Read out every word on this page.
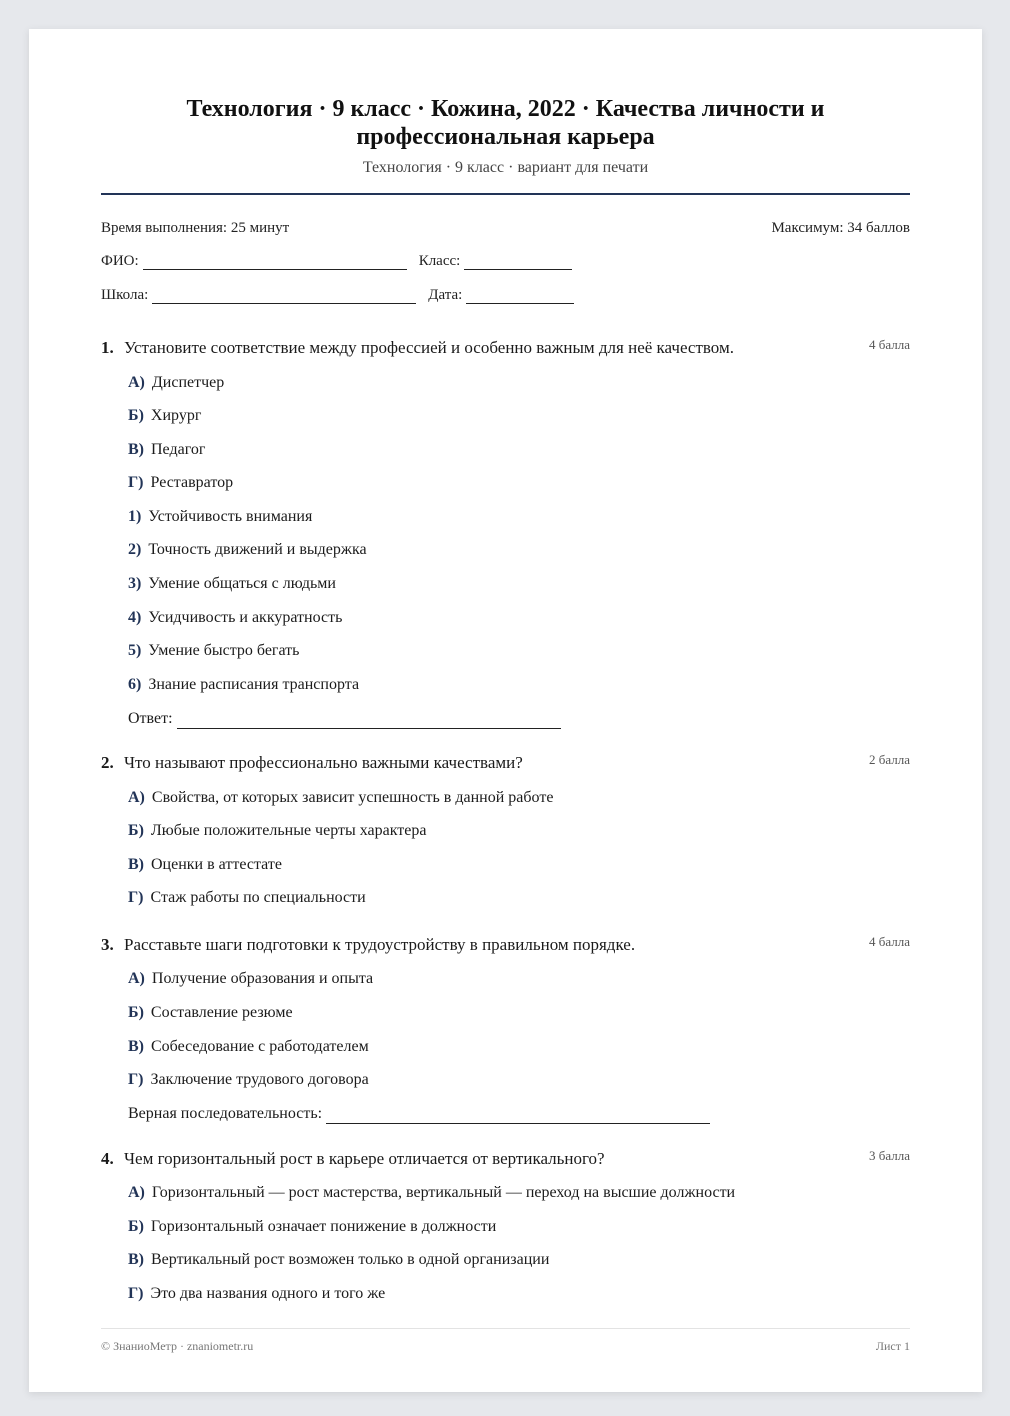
Технология · 9 класс · Кожина, 2022 · Качества личности и профессиональная карьера
Технология · 9 класс · вариант для печати
Время выполнения: 25 минут	Максимум: 34 баллов
ФИО:	Класс:
Школа:	Дата:
1. Установите соответствие между профессией и особенно важным для неё качеством.	4 балла
А) Диспетчер
Б) Хирург
В) Педагог
Г) Реставратор
1) Устойчивость внимания
2) Точность движений и выдержка
3) Умение общаться с людьми
4) Усидчивость и аккуратность
5) Умение быстро бегать
6) Знание расписания транспорта
Ответ:
2. Что называют профессионально важными качествами?	2 балла
А) Свойства, от которых зависит успешность в данной работе
Б) Любые положительные черты характера
В) Оценки в аттестате
Г) Стаж работы по специальности
3. Расставьте шаги подготовки к трудоустройству в правильном порядке.	4 балла
А) Получение образования и опыта
Б) Составление резюме
В) Собеседование с работодателем
Г) Заключение трудового договора
Верная последовательность:
4. Чем горизонтальный рост в карьере отличается от вертикального?	3 балла
А) Горизонтальный — рост мастерства, вертикальный — переход на высшие должности
Б) Горизонтальный означает понижение в должности
В) Вертикальный рост возможен только в одной организации
Г) Это два названия одного и того же
© ЗнаниоМетр · znaniometr.ru	Лист 1
